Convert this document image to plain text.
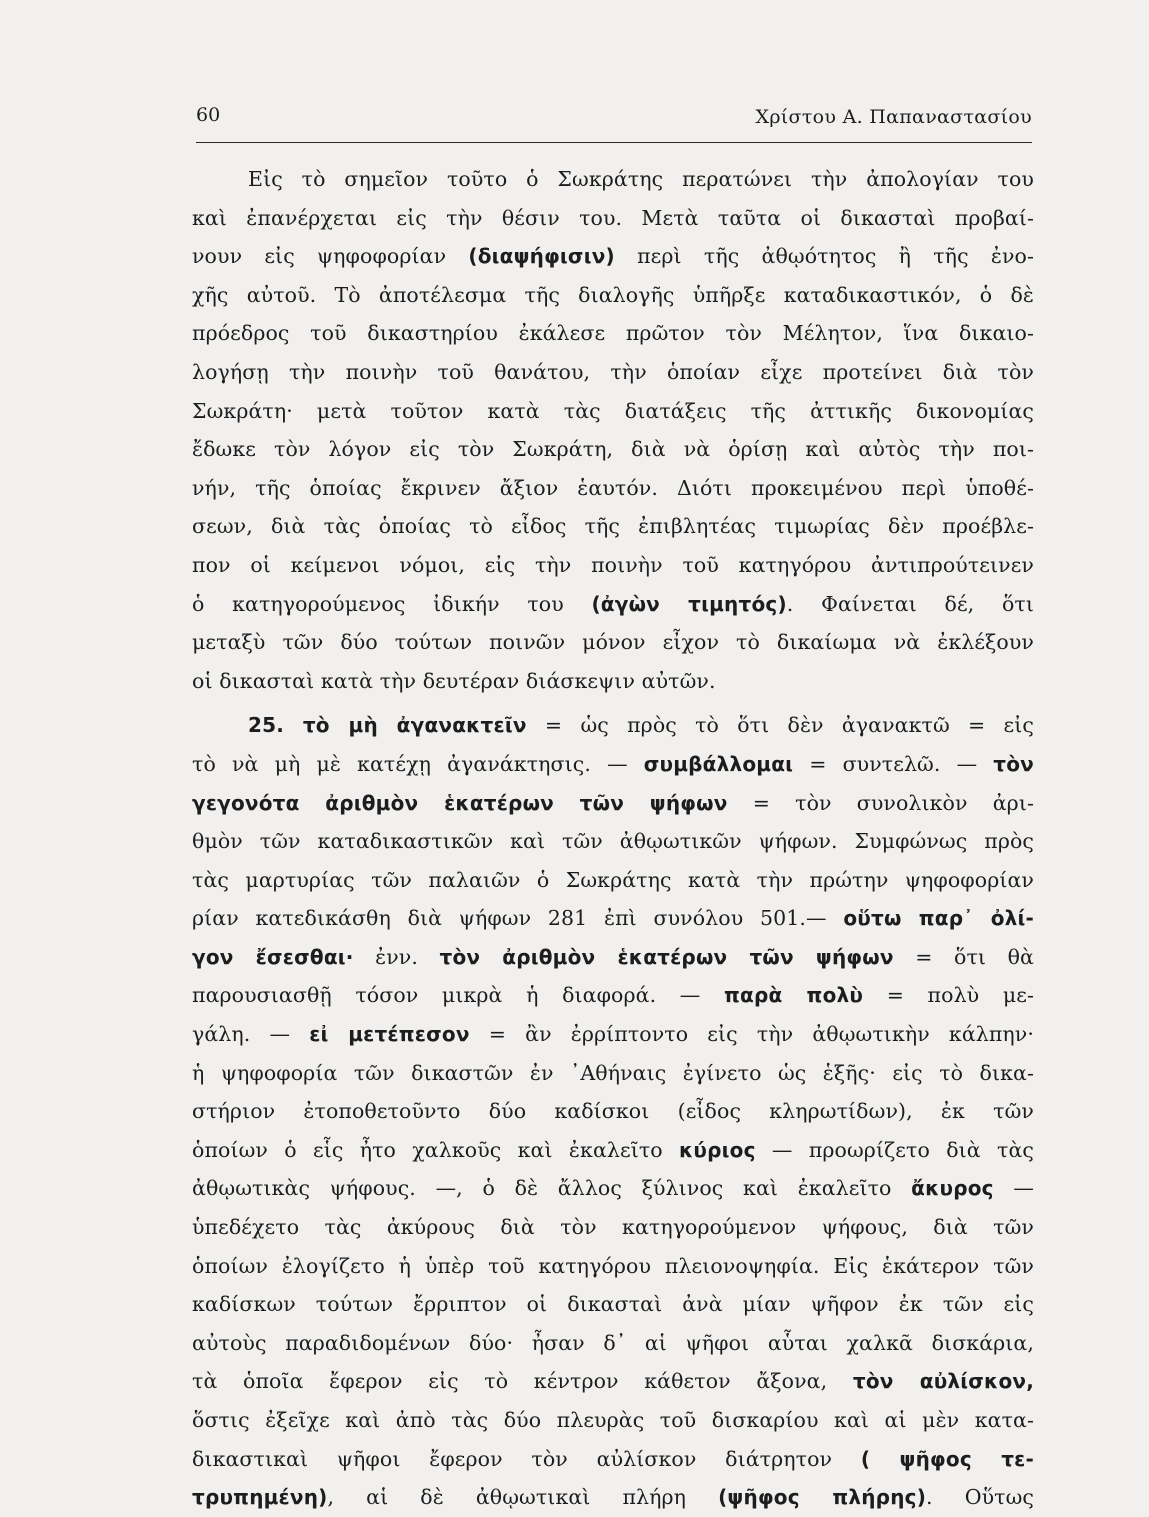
60	Χρίστου Α. Παπαναστασίου
Εἰς τὸ σημεῖον τοῦτο ὁ Σωκράτης περατώνει τὴν ἀπολογίαν του
καὶ ἐπανέρχεται εἰς τὴν θέσιν του. Μετὰ ταῦτα οἱ δικασταὶ προβαί-
νουν εἰς ψηφοφορίαν (διαψήφισιν) περὶ τῆς ἀθῳότητος ἢ τῆς ἐνο-
χῆς αὐτοῦ. Τὸ ἀποτέλεσμα τῆς διαλογῆς ὑπῆρξε καταδικαστικόν, ὁ δὲ
πρόεδρος τοῦ δικαστηρίου ἐκάλεσε πρῶτον τὸν Μέλητον, ἵνα δικαιο-
λογήσῃ τὴν ποινὴν τοῦ θανάτου, τὴν ὁποίαν εἶχε προτείνει διὰ τὸν
Σωκράτη· μετὰ τοῦτον κατὰ τὰς διατάξεις τῆς ἀττικῆς δικονομίας
ἔδωκε τὸν λόγον εἰς τὸν Σωκράτη, διὰ νὰ ὁρίσῃ καὶ αὐτὸς τὴν ποι-
νήν, τῆς ὁποίας ἔκρινεν ἄξιον ἑαυτόν. Διότι προκειμένου περὶ ὑποθέ-
σεων, διὰ τὰς ὁποίας τὸ εἶδος τῆς ἐπιβλητέας τιμωρίας δὲν προέβλε-
πον οἱ κείμενοι νόμοι, εἰς τὴν ποινὴν τοῦ κατηγόρου ἀντιπρούτεινεν
ὁ κατηγορούμενος ἰδικήν του (ἀγὼν τιμητός). Φαίνεται δέ, ὅτι
μεταξὺ τῶν δύο τούτων ποινῶν μόνον εἶχον τὸ δικαίωμα νὰ ἐκλέξουν
οἱ δικασταὶ κατὰ τὴν δευτέραν διάσκεψιν αὐτῶν.
25. τὸ μὴ ἀγανακτεῖν = ὡς πρὸς τὸ ὅτι δὲν ἀγανακτῶ = εἰς
τὸ νὰ μὴ μὲ κατέχῃ ἀγανάκτησις. — συμβάλλομαι = συντελῶ. — τὸν
γεγονότα ἀριθμὸν ἑκατέρων τῶν ψήφων = τὸν συνολικὸν ἀρι-
θμὸν τῶν καταδικαστικῶν καὶ τῶν ἀθῳωτικῶν ψήφων. Συμφώνως πρὸς
τὰς μαρτυρίας τῶν παλαιῶν ὁ Σωκράτης κατὰ τὴν πρώτην ψηφοφορίαν
ρίαν κατεδικάσθη διὰ ψήφων 281 ἐπὶ συνόλου 501.— οὕτω παρ᾽ ὀλί-
γον ἔσεσθαι· ἐνν. τὸν ἀριθμὸν ἑκατέρων τῶν ψήφων = ὅτι θὰ
παρουσιασθῇ τόσον μικρὰ ἡ διαφορά. — παρὰ πολὺ = πολὺ με-
γάλη. — εἰ μετέπεσον = ἂν ἐρρίπτοντο εἰς τὴν ἀθῳωτικὴν κάλπην·
ἡ ψηφοφορία τῶν δικαστῶν ἐν ᾿Αθήναις ἐγίνετο ὡς ἑξῆς· εἰς τὸ δικα-
στήριον ἐτοποθετοῦντο δύο καδίσκοι (εἶδος κληρωτίδων), ἐκ τῶν
ὁποίων ὁ εἷς ἦτο χαλκοῦς καὶ ἐκαλεῖτο κύριος — προωρίζετο διὰ τὰς
ἀθῳωτικὰς ψήφους. —, ὁ δὲ ἄλλος ξύλινος καὶ ἐκαλεῖτο ἄκυρος —
ὑπεδέχετο τὰς ἀκύρους διὰ τὸν κατηγορούμενον ψήφους, διὰ τῶν
ὁποίων ἐλογίζετο ἡ ὑπὲρ τοῦ κατηγόρου πλειονοψηφία. Εἰς ἑκάτερον τῶν
καδίσκων τούτων ἔρριπτον οἱ δικασταὶ ἀνὰ μίαν ψῆφον ἐκ τῶν εἰς
αὐτοὺς παραδιδομένων δύο· ἦσαν δ᾽ αἱ ψῆφοι αὗται χαλκᾶ δισκάρια,
τὰ ὁποῖα ἔφερον εἰς τὸ κέντρον κάθετον ἄξονα, τὸν αὐλίσκον,
ὅστις ἐξεῖχε καὶ ἀπὸ τὰς δύο πλευρὰς τοῦ δισκαρίου καὶ αἱ μὲν κατα-
δικαστικαὶ ψῆφοι ἔφερον τὸν αὐλίσκον διάτρητον ( ψῆφος τε-
τρυπημένη), αἱ δὲ ἀθῳωτικαὶ πλήρη (ψῆφος πλήρης). Οὕτως
